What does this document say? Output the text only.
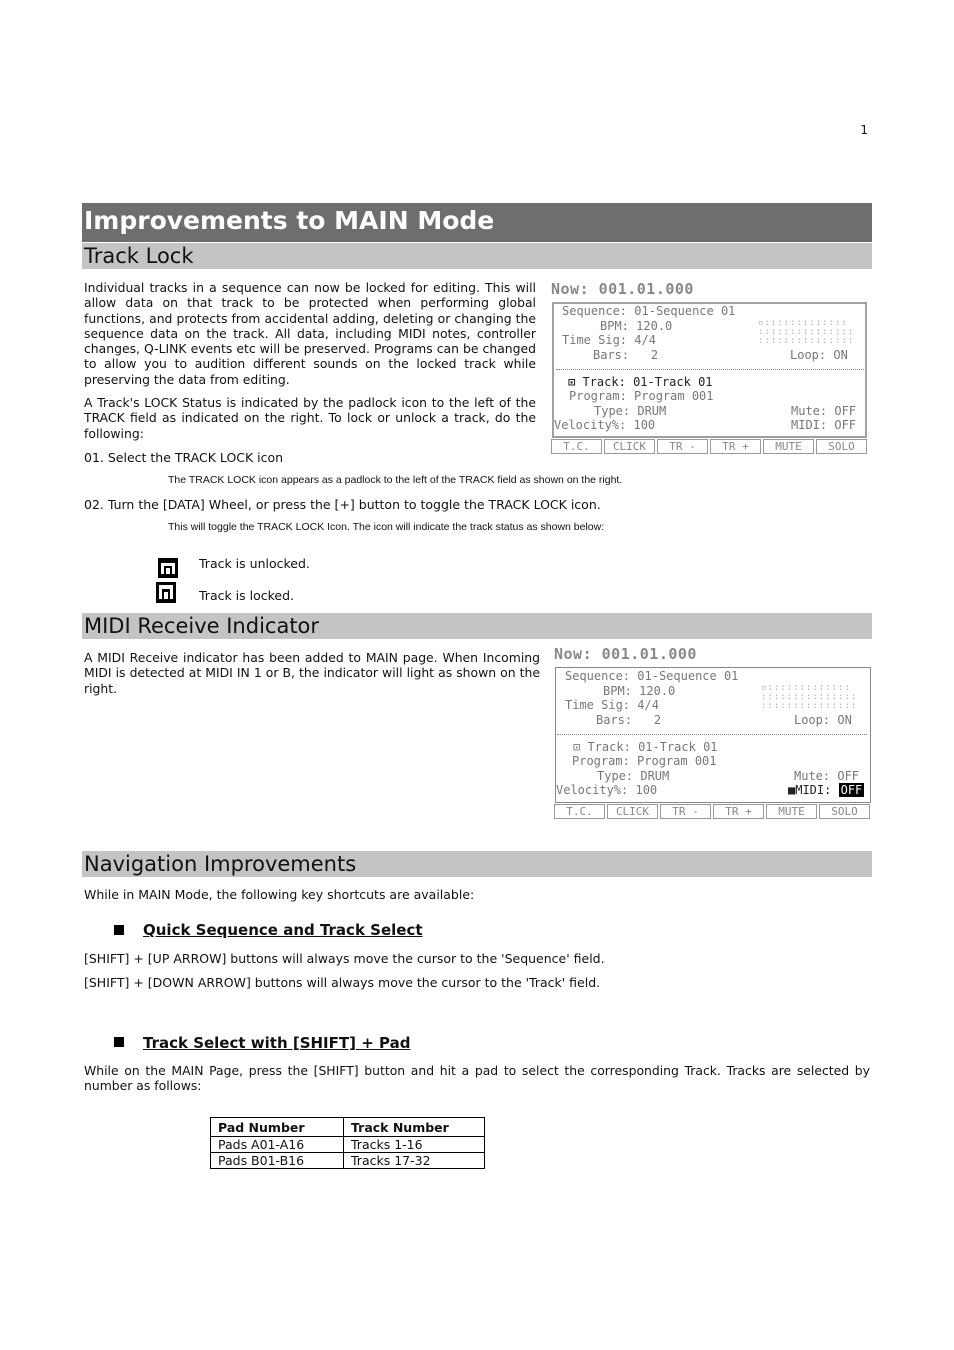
1
Improvements to MAIN Mode
Track Lock
Individual tracks in a sequence can now be locked for editing. This will allow data on that track to be protected when performing global functions, and protects from accidental adding, deleting or changing the sequence data on the track. All data, including MIDI notes, controller changes, Q-LINK events etc will be preserved. Programs can be changed to allow you to audition different sounds on the locked track while preserving the data from editing.
A Track's LOCK Status is indicated by the padlock icon to the left of the TRACK field as indicated on the right. To lock or unlock a track, do the following:
01. Select the TRACK LOCK icon
The TRACK LOCK icon appears as a padlock to the left of the TRACK field as shown on the right.
02. Turn the [DATA] Wheel, or press the [+] button to toggle the TRACK LOCK icon.
This will toggle the TRACK LOCK Icon. The icon will indicate the track status as shown below:
Track is unlocked.
Track is locked.
Now: 001.01.000
Sequence: 01-Sequence 01
BPM: 120.0
Time Sig: 4/4
Bars: 2	Loop: ON
▫:::::::::::::
:::::::::::::::
:::::::::::::::
⊡ Track: 01-Track 01
Program: Program 001
Type: DRUM	Mute: OFF
Velocity%: 100	MIDI: OFF
T.C.	CLICK	TR -	TR +	MUTE	SOLO
MIDI Receive Indicator
A MIDI Receive indicator has been added to MAIN page. When Incoming MIDI is detected at MIDI IN 1 or B, the indicator will light as shown on the right.
Now: 001.01.000
Sequence: 01-Sequence 01
BPM: 120.0
Time Sig: 4/4
Bars: 2	Loop: ON
▫:::::::::::::
:::::::::::::::
:::::::::::::::
⊡ Track: 01-Track 01
Program: Program 001
Type: DRUM	Mute: OFF
Velocity%: 100	■MIDI: OFF
T.C.	CLICK	TR -	TR +	MUTE	SOLO
Navigation Improvements
While in MAIN Mode, the following key shortcuts are available:
Quick Sequence and Track Select
[SHIFT] + [UP ARROW] buttons will always move the cursor to the 'Sequence' field.
[SHIFT] + [DOWN ARROW] buttons will always move the cursor to the 'Track' field.
Track Select with [SHIFT] + Pad
While on the MAIN Page, press the [SHIFT] button and hit a pad to select the corresponding Track. Tracks are selected by number as follows:
Pad Number	Track Number
Pads A01-A16	Tracks 1-16
Pads B01-B16	Tracks 17-32
